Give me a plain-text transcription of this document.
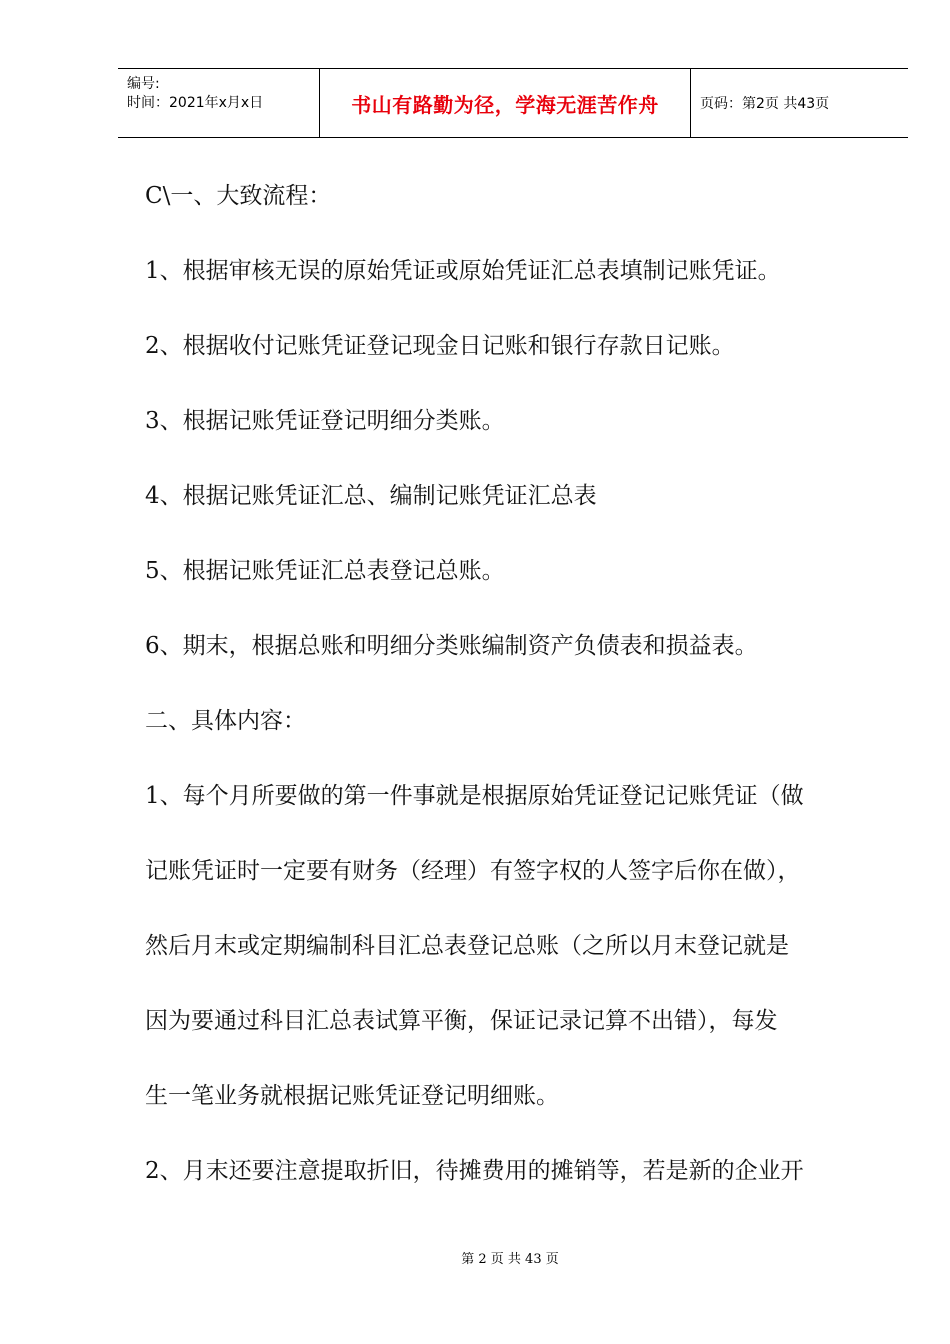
编号:
时间：2021年x月x日	书山有路勤为径，学海无涯苦作舟	页码：第2页 共43页
C\一、大致流程：
1、根据审核无误的原始凭证或原始凭证汇总表填制记账凭证。
2、根据收付记账凭证登记现金日记账和银行存款日记账。
3、根据记账凭证登记明细分类账。
4、根据记账凭证汇总、编制记账凭证汇总表
5、根据记账凭证汇总表登记总账。
6、期末，根据总账和明细分类账编制资产负债表和损益表。
二、具体内容：
1、每个月所要做的第一件事就是根据原始凭证登记记账凭证（做
记账凭证时一定要有财务（经理）有签字权的人签字后你在做），
然后月末或定期编制科目汇总表登记总账（之所以月末登记就是
因为要通过科目汇总表试算平衡，保证记录记算不出错），每发
生一笔业务就根据记账凭证登记明细账。
2、月末还要注意提取折旧，待摊费用的摊销等，若是新的企业开
第 2 页 共 43 页
